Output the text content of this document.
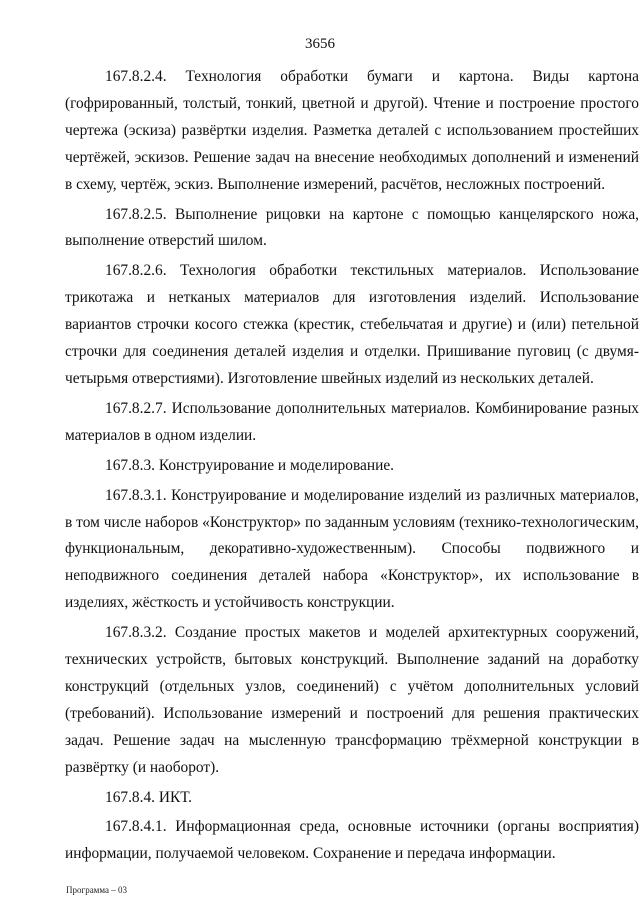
3656

167.8.2.4. Технология обработки бумаги и картона. Виды картона (гофрированный, толстый, тонкий, цветной и другой). Чтение и построение простого чертежа (эскиза) развёртки изделия. Разметка деталей с использованием простейших чертёжей, эскизов. Решение задач на внесение необходимых дополнений и изменений в схему, чертёж, эскиз. Выполнение измерений, расчётов, несложных построений.

167.8.2.5. Выполнение рицовки на картоне с помощью канцелярского ножа, выполнение отверстий шилом.

167.8.2.6. Технология обработки текстильных материалов. Использование трикотажа и нетканых материалов для изготовления изделий. Использование вариантов строчки косого стежка (крестик, стебельчатая и другие) и (или) петельной строчки для соединения деталей изделия и отделки. Пришивание пуговиц (с двумя-четырьмя отверстиями). Изготовление швейных изделий из нескольких деталей.

167.8.2.7. Использование дополнительных материалов. Комбинирование разных материалов в одном изделии.

167.8.3. Конструирование и моделирование.

167.8.3.1. Конструирование и моделирование изделий из различных материалов, в том числе наборов «Конструктор» по заданным условиям (технико-технологическим, функциональным, декоративно-художественным). Способы подвижного и неподвижного соединения деталей набора «Конструктор», их использование в изделиях, жёсткость и устойчивость конструкции.

167.8.3.2. Создание простых макетов и моделей архитектурных сооружений, технических устройств, бытовых конструкций. Выполнение заданий на доработку конструкций (отдельных узлов, соединений) с учётом дополнительных условий (требований). Использование измерений и построений для решения практических задач. Решение задач на мысленную трансформацию трёхмерной конструкции в развёртку (и наоборот).

167.8.4. ИКТ.

167.8.4.1. Информационная среда, основные источники (органы восприятия) информации, получаемой человеком. Сохранение и передача информации.

Программа – 03
